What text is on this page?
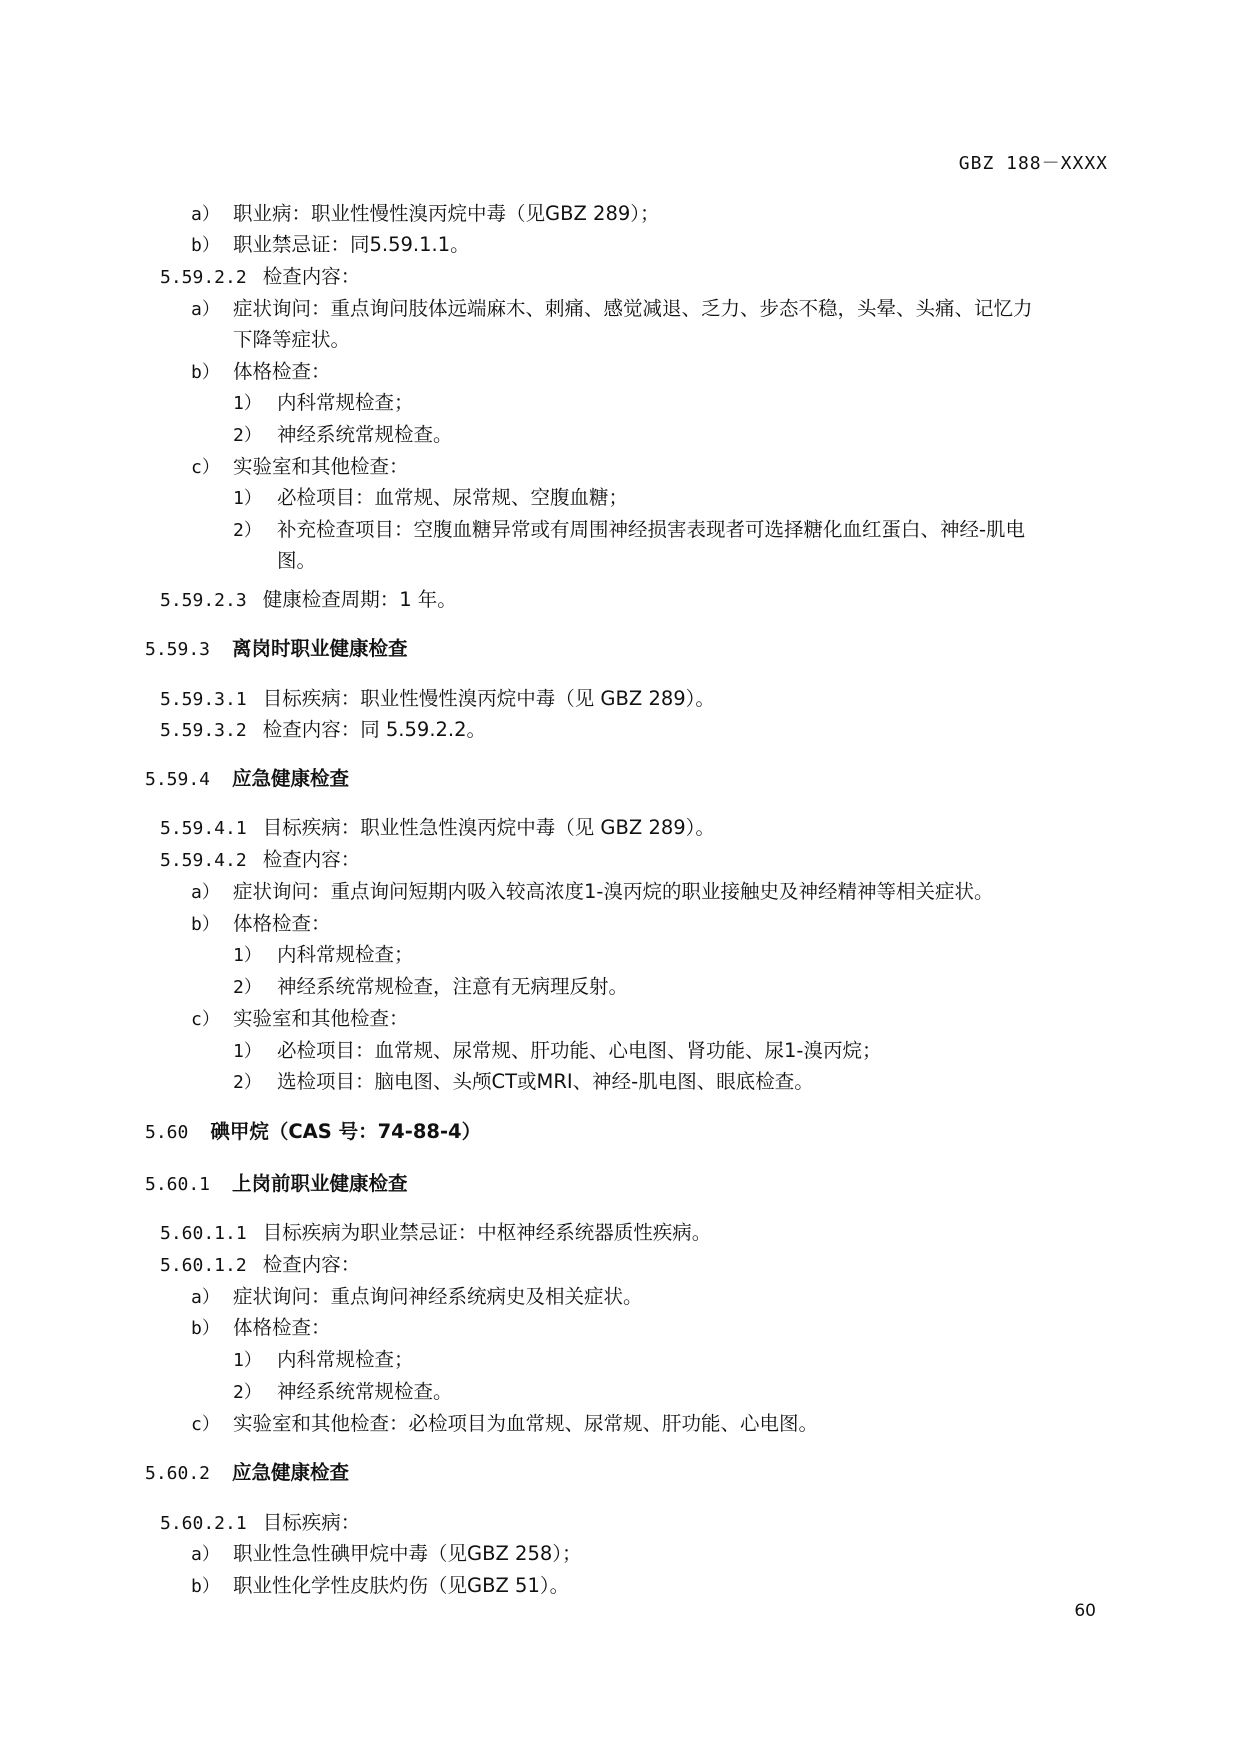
GBZ 188－XXXX
a） 职业病：职业性慢性溴丙烷中毒（见GBZ 289）；
b） 职业禁忌证：同5.59.1.1。
5.59.2.2 检查内容：
a） 症状询问：重点询问肢体远端麻木、刺痛、感觉减退、乏力、步态不稳，头晕、头痛、记忆力
下降等症状。
b） 体格检查：
1） 内科常规检查；
2） 神经系统常规检查。
c） 实验室和其他检查：
1） 必检项目：血常规、尿常规、空腹血糖；
2） 补充检查项目：空腹血糖异常或有周围神经损害表现者可选择糖化血红蛋白、神经-肌电
图。
5.59.2.3 健康检查周期：1 年。
5.59.3 离岗时职业健康检查
5.59.3.1 目标疾病：职业性慢性溴丙烷中毒（见 GBZ 289）。
5.59.3.2 检查内容：同 5.59.2.2。
5.59.4 应急健康检查
5.59.4.1 目标疾病：职业性急性溴丙烷中毒（见 GBZ 289）。
5.59.4.2 检查内容：
a） 症状询问：重点询问短期内吸入较高浓度1-溴丙烷的职业接触史及神经精神等相关症状。
b） 体格检查：
1） 内科常规检查；
2） 神经系统常规检查，注意有无病理反射。
c） 实验室和其他检查：
1） 必检项目：血常规、尿常规、肝功能、心电图、肾功能、尿1-溴丙烷；
2） 选检项目：脑电图、头颅CT或MRI、神经-肌电图、眼底检查。
5.60 碘甲烷（CAS 号：74-88-4）
5.60.1 上岗前职业健康检查
5.60.1.1 目标疾病为职业禁忌证：中枢神经系统器质性疾病。
5.60.1.2 检查内容：
a） 症状询问：重点询问神经系统病史及相关症状。
b） 体格检查：
1） 内科常规检查；
2） 神经系统常规检查。
c） 实验室和其他检查：必检项目为血常规、尿常规、肝功能、心电图。
5.60.2 应急健康检查
5.60.2.1 目标疾病：
a） 职业性急性碘甲烷中毒（见GBZ 258）；
b） 职业性化学性皮肤灼伤（见GBZ 51）。
60
